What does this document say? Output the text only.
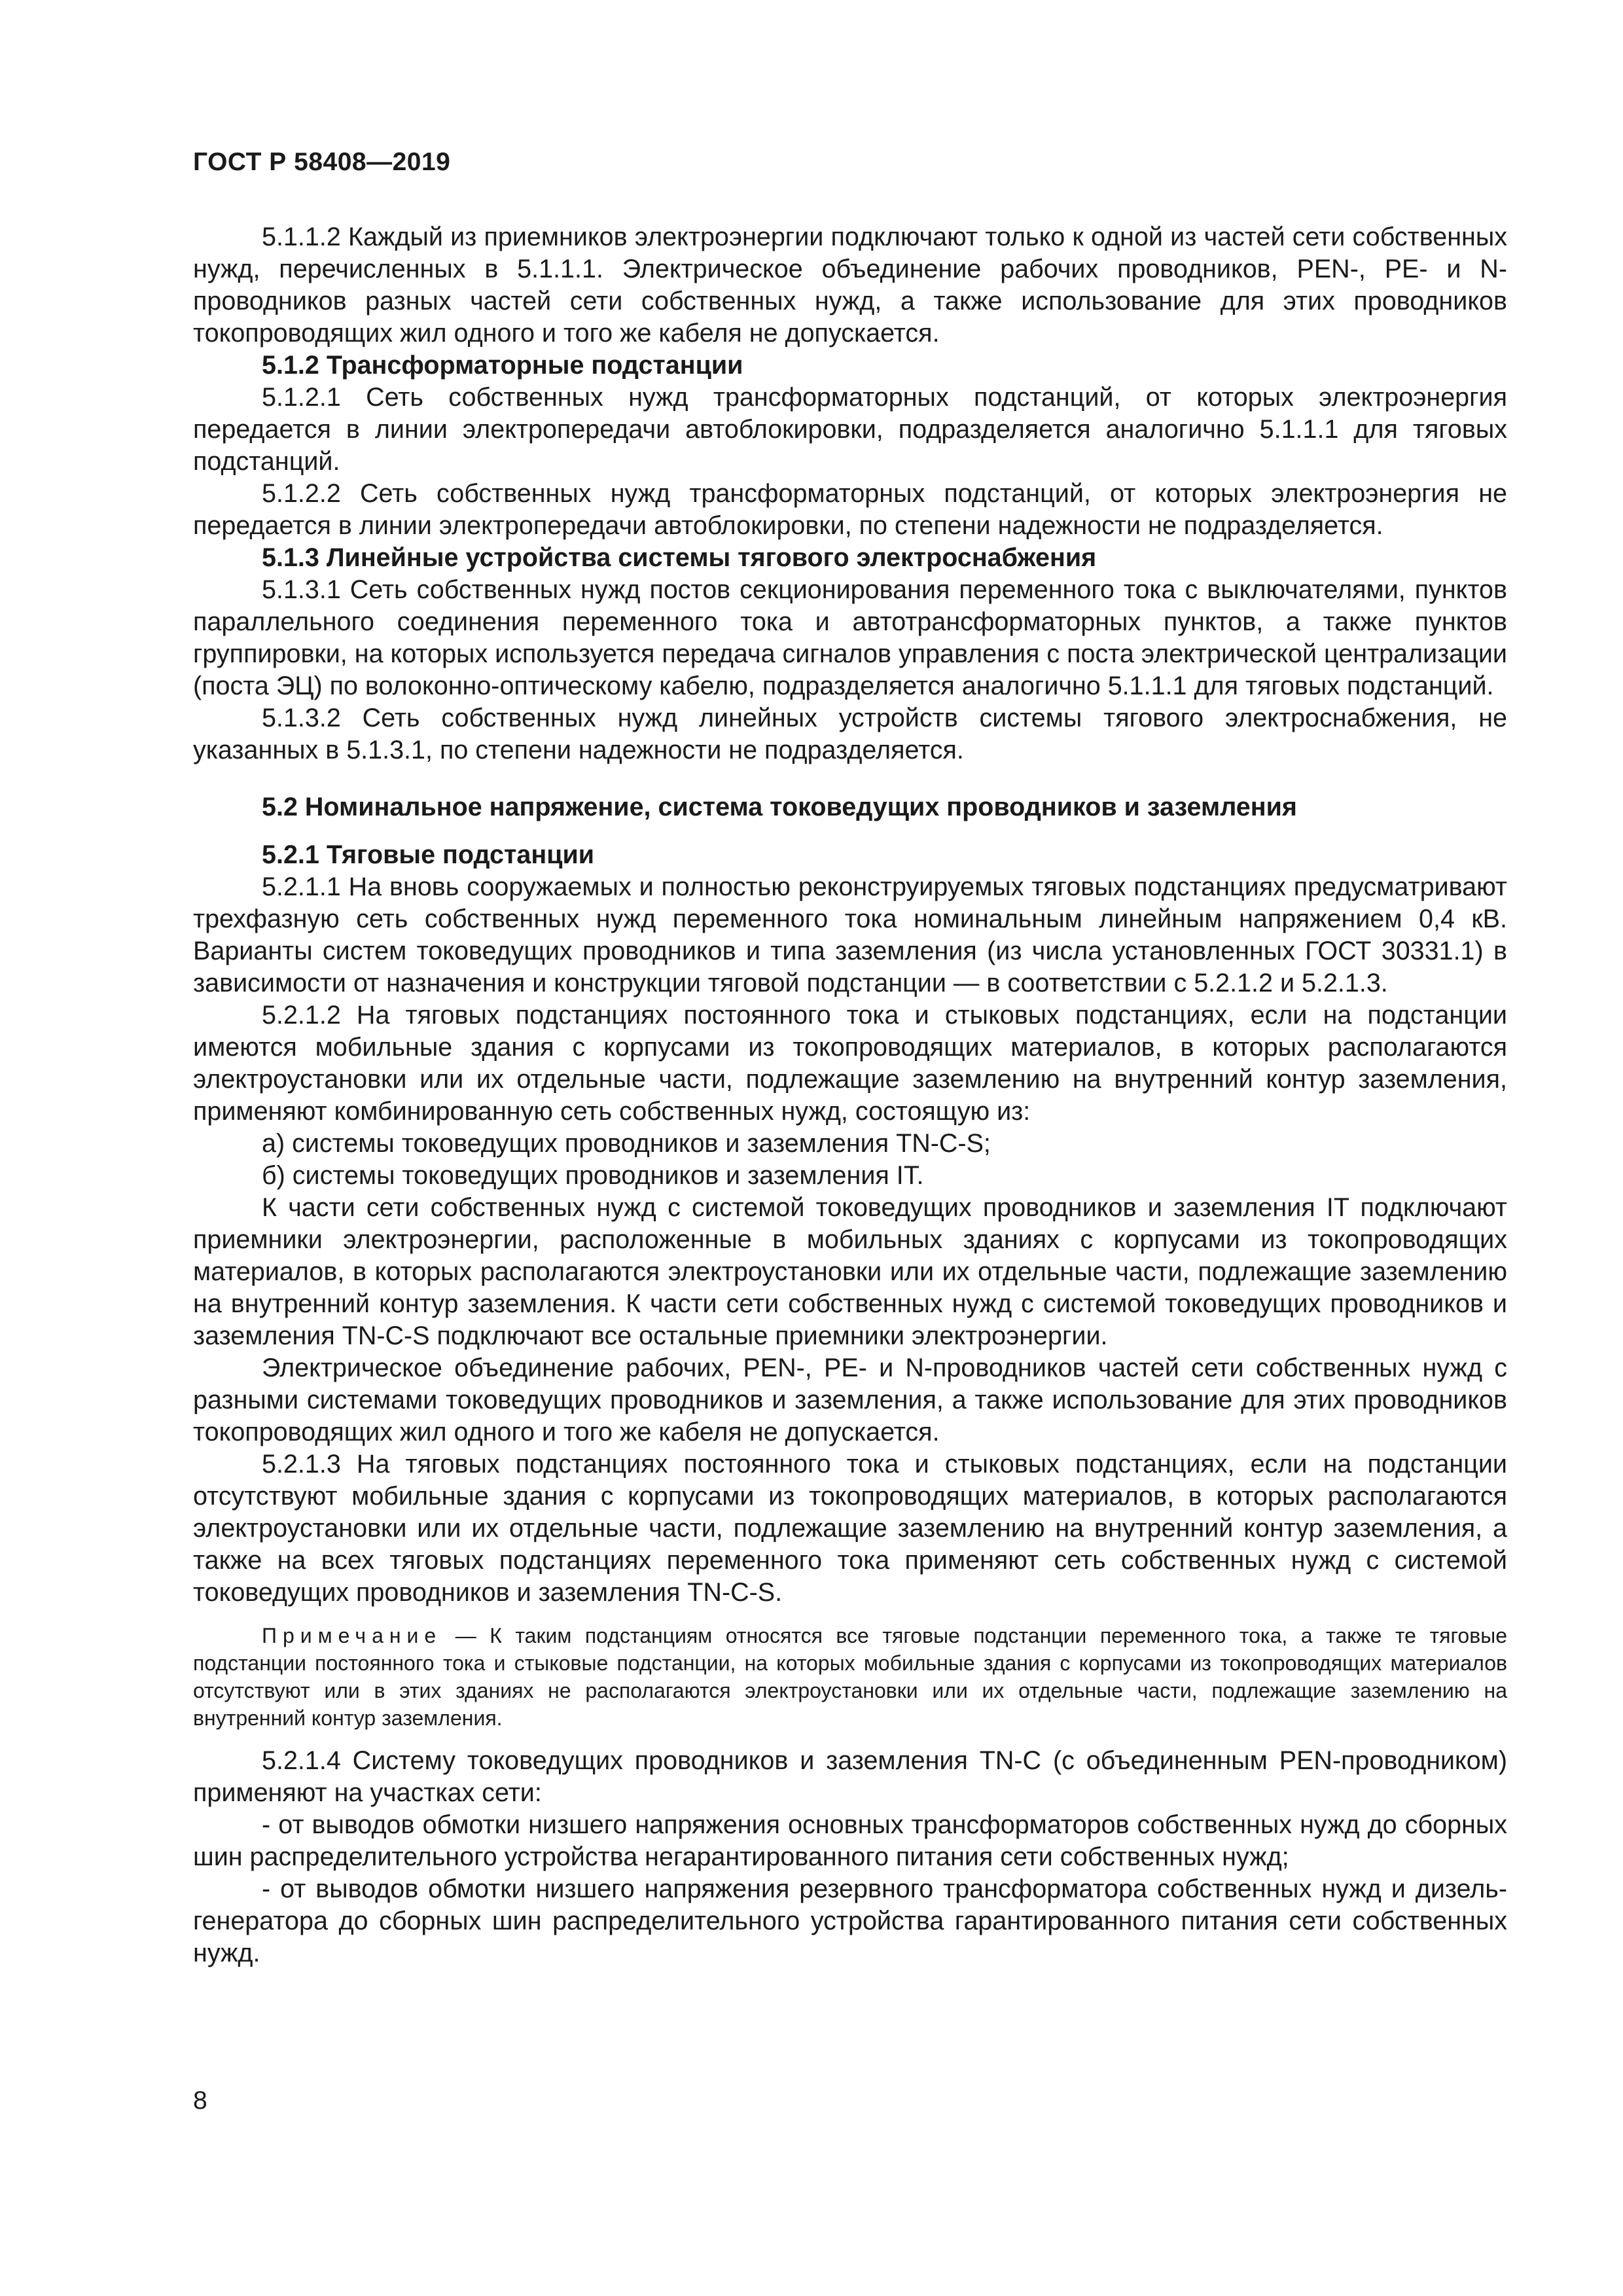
ГОСТ Р 58408—2019

5.1.1.2 Каждый из приемников электроэнергии подключают только к одной из частей сети собственных нужд, перечисленных в 5.1.1.1. Электрическое объединение рабочих проводников, PEN-, PE- и N-проводников разных частей сети собственных нужд, а также использование для этих проводников токопроводящих жил одного и того же кабеля не допускается.

5.1.2 Трансформаторные подстанции

5.1.2.1 Сеть собственных нужд трансформаторных подстанций, от которых электроэнергия передается в линии электропередачи автоблокировки, подразделяется аналогично 5.1.1.1 для тяговых подстанций.

5.1.2.2 Сеть собственных нужд трансформаторных подстанций, от которых электроэнергия не передается в линии электропередачи автоблокировки, по степени надежности не подразделяется.

5.1.3 Линейные устройства системы тягового электроснабжения

5.1.3.1 Сеть собственных нужд постов секционирования переменного тока с выключателями, пунктов параллельного соединения переменного тока и автотрансформаторных пунктов, а также пунктов группировки, на которых используется передача сигналов управления с поста электрической централизации (поста ЭЦ) по волоконно-оптическому кабелю, подразделяется аналогично 5.1.1.1 для тяговых подстанций.

5.1.3.2 Сеть собственных нужд линейных устройств системы тягового электроснабжения, не указанных в 5.1.3.1, по степени надежности не подразделяется.

5.2 Номинальное напряжение, система токоведущих проводников и заземления

5.2.1 Тяговые подстанции

5.2.1.1 На вновь сооружаемых и полностью реконструируемых тяговых подстанциях предусматривают трехфазную сеть собственных нужд переменного тока номинальным линейным напряжением 0,4 кВ. Варианты систем токоведущих проводников и типа заземления (из числа установленных ГОСТ 30331.1) в зависимости от назначения и конструкции тяговой подстанции — в соответствии с 5.2.1.2 и 5.2.1.3.

5.2.1.2 На тяговых подстанциях постоянного тока и стыковых подстанциях, если на подстанции имеются мобильные здания с корпусами из токопроводящих материалов, в которых располагаются электроустановки или их отдельные части, подлежащие заземлению на внутренний контур заземления, применяют комбинированную сеть собственных нужд, состоящую из:

а) системы токоведущих проводников и заземления TN-C-S;

б) системы токоведущих проводников и заземления IT.

К части сети собственных нужд с системой токоведущих проводников и заземления IT подключают приемники электроэнергии, расположенные в мобильных зданиях с корпусами из токопроводящих материалов, в которых располагаются электроустановки или их отдельные части, подлежащие заземлению на внутренний контур заземления. К части сети собственных нужд с системой токоведущих проводников и заземления TN-C-S подключают все остальные приемники электроэнергии.

Электрическое объединение рабочих, PEN-, PE- и N-проводников частей сети собственных нужд с разными системами токоведущих проводников и заземления, а также использование для этих проводников токопроводящих жил одного и того же кабеля не допускается.

5.2.1.3 На тяговых подстанциях постоянного тока и стыковых подстанциях, если на подстанции отсутствуют мобильные здания с корпусами из токопроводящих материалов, в которых располагаются электроустановки или их отдельные части, подлежащие заземлению на внутренний контур заземления, а также на всех тяговых подстанциях переменного тока применяют сеть собственных нужд с системой токоведущих проводников и заземления TN-C-S.

Примечание — К таким подстанциям относятся все тяговые подстанции переменного тока, а также те тяговые подстанции постоянного тока и стыковые подстанции, на которых мобильные здания с корпусами из токопроводящих материалов отсутствуют или в этих зданиях не располагаются электроустановки или их отдельные части, подлежащие заземлению на внутренний контур заземления.

5.2.1.4 Систему токоведущих проводников и заземления TN-C (с объединенным PEN-проводником) применяют на участках сети:

- от выводов обмотки низшего напряжения основных трансформаторов собственных нужд до сборных шин распределительного устройства негарантированного питания сети собственных нужд;

- от выводов обмотки низшего напряжения резервного трансформатора собственных нужд и дизель-генератора до сборных шин распределительного устройства гарантированного питания сети собственных нужд.

8
